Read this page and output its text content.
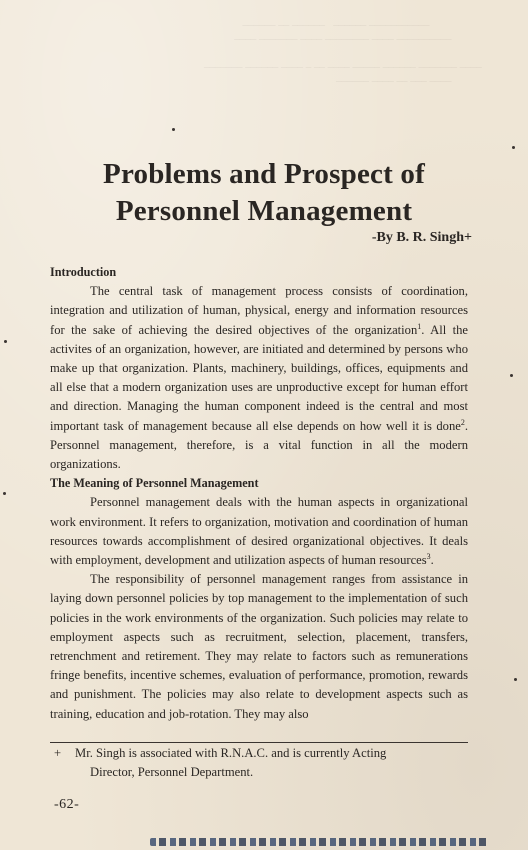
___________ ______   ______ __ ______
__________ ____ ________ ____ _______ ____

____ _______ ______ _____ ____ __ _ ____ ______ _______
____ ___ __ ____ ______

Problems and Prospect of
Personnel Management
-By B. R. Singh+

Introduction

The central task of management process consists of coordination, integration and utilization of human, physical, energy and information resources for the sake of achieving the desired objectives of the organization$^1$. All the activites of an organization, however, are initiated and determined by persons who make up that organization. Plants, machinery, buildings, offices, equipments and all else that a modern organization uses are unproductive except for human effort and direction. Managing the human component indeed is the central and most important task of management because all else depends on how well it is done$^2$. Personnel management, therefore, is a vital function in all the modern organizations.

The Meaning of Personnel Management

Personnel management deals with the human aspects in organizational work environment. It refers to organization, motivation and coordination of human resources towards accomplishment of desired organizational objectives. It deals with employment, development and utilization aspects of human resources$^3$.

The responsibility of personnel management ranges from assistance in laying down personnel policies by top management to the implementation of such policies in the work environments of the organization. Such policies may relate to employment aspects such as recruitment, selection, placement, transfers, retrenchment and retirement. They may relate to factors such as remunerations fringe benefits, incentive schemes, evaluation of performance, promotion, rewards and punishment. The policies may also relate to development aspects such as training, education and job-rotation. They may also

+	Mr. Singh is associated with R.N.A.C. and is currently Acting
Director, Personnel Department.
-62-
